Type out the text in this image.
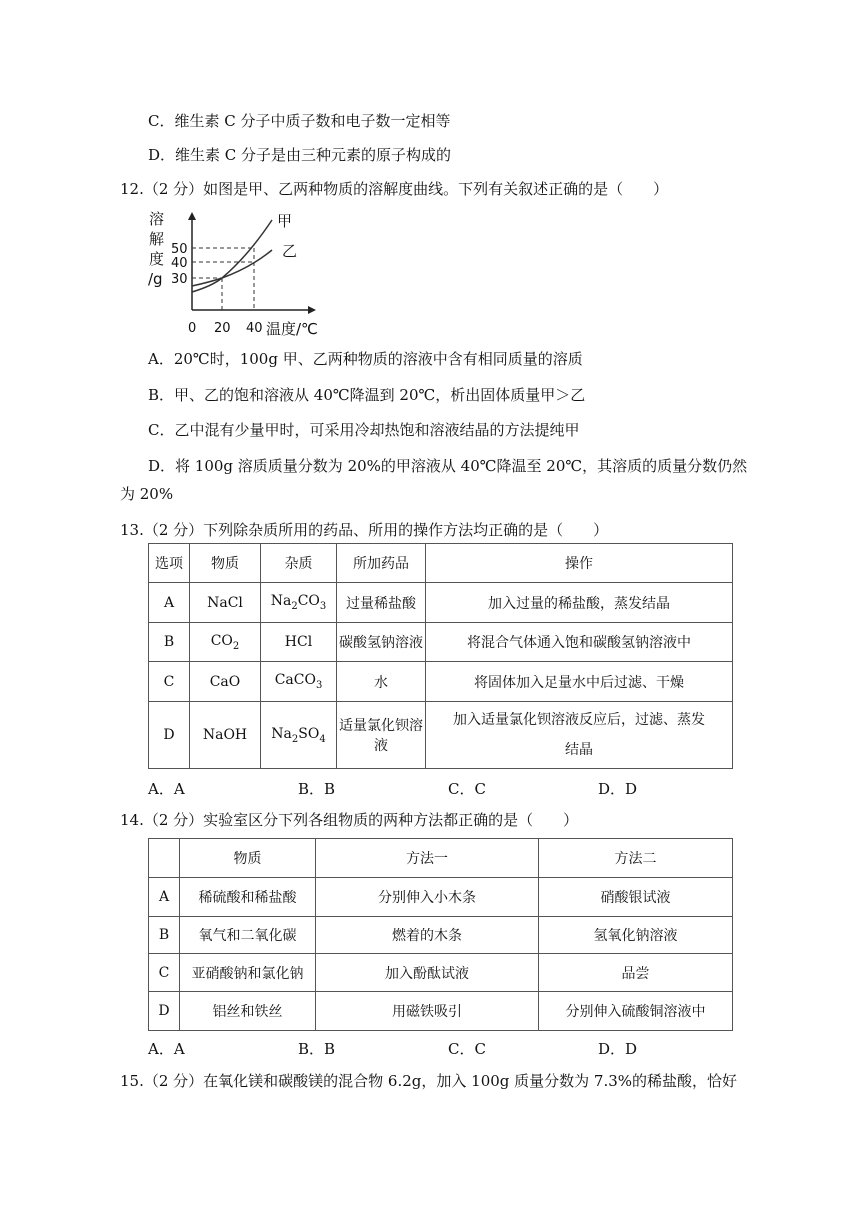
C．维生素 C 分子中质子数和电子数一定相等
D．维生素 C 分子是由三种元素的原子构成的
12.（2 分）如图是甲、乙两种物质的溶解度曲线。下列有关叙述正确的是（　　）
溶
解
度
/g
50
40
30
甲
乙
0 20 40 温度/℃
A．20℃时，100g 甲、乙两种物质的溶液中含有相同质量的溶质
B．甲、乙的饱和溶液从 40℃降温到 20℃，析出固体质量甲＞乙
C．乙中混有少量甲时，可采用冷却热饱和溶液结晶的方法提纯甲
D．将 100g 溶质质量分数为 20%的甲溶液从 40℃降温至 20℃，其溶质的质量分数仍然
为 20%
13.（2 分）下列除杂质所用的药品、所用的操作方法均正确的是（　　）
选项	物质	杂质	所加药品	操作
A	NaCl	$Na_2CO_3$	过量稀盐酸	加入过量的稀盐酸，蒸发结晶
B	$CO_2$	HCl	碳酸氢钠溶液	将混合气体通入饱和碳酸氢钠溶液中
C	CaO	CaCO$_3$	水	将固体加入足量水中后过滤、干燥
D	NaOH	$Na_2SO_4$	适量氯化钡溶液	加入适量氯化钡溶液反应后，过滤、蒸发
结晶
A．A	B．B	C．C	D．D
14.（2 分）实验室区分下列各组物质的两种方法都正确的是（　　）
	物质	方法一	方法二
A	稀硫酸和稀盐酸	分别伸入小木条	硝酸银试液
B	氧气和二氧化碳	燃着的木条	氢氧化钠溶液
C	亚硝酸钠和氯化钠	加入酚酞试液	品尝
D	铝丝和铁丝	用磁铁吸引	分别伸入硫酸铜溶液中
A．A	B．B	C．C	D．D
15.（2 分）在氧化镁和碳酸镁的混合物 6.2g，加入 100g 质量分数为 7.3%的稀盐酸，恰好
